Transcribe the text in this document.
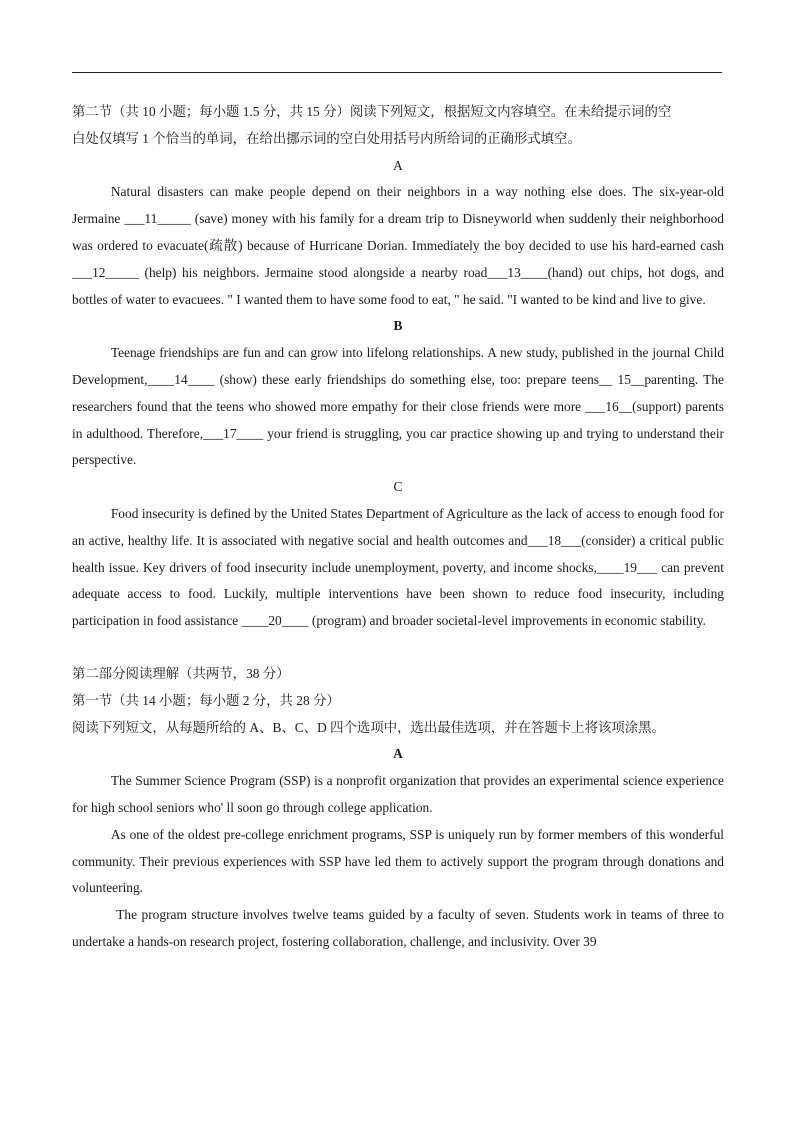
第二节（共 10 小题；每小题 1.5 分，共 15 分）阅读下列短文，根据短文内容填空。在未给提示词的空

白处仅填写 1 个恰当的单词，在给出挪示词的空白处用括号内所给词的正确形式填空。

A

Natural disasters can make people depend on their neighbors in a way nothing else does. The six-year-old Jermaine ___11_____ (save) money with his family for a dream trip to Disneyworld when suddenly their neighborhood was ordered to evacuate(疏散) because of Hurricane Dorian. Immediately the boy decided to use his hard-earned cash ___12_____ (help) his neighbors. Jermaine stood alongside a nearby road___13____(hand) out chips, hot dogs, and bottles of water to evacuees. " I wanted them to have some food to eat, " he said. "I wanted to be kind and live to give.

B

Teenage friendships are fun and can grow into lifelong relationships. A new study, published in the journal Child Development,____14____ (show) these early friendships do something else, too: prepare teens__ 15__parenting. The researchers found that the teens who showed more empathy for their close friends were more ___16__(support) parents in adulthood. Therefore,___17____ your friend is struggling, you car practice showing up and trying to understand their perspective.

C

Food insecurity is defined by the United States Department of Agriculture as the lack of access to enough food for an active, healthy life. It is associated with negative social and health outcomes and___18___(consider) a critical public health issue. Key drivers of food insecurity include unemployment, poverty, and income shocks,____19___ can prevent adequate access to food. Luckily, multiple interventions have been shown to reduce food insecurity, including participation in food assistance ____20____ (program) and broader societal-level improvements in economic stability.

第二部分阅读理解（共两节，38 分）

第一节（共 14 小题；每小题 2 分，共 28 分）

阅读下列短文，从每题所给的 A、B、C、D 四个选项中，选出最佳选项，并在答题卡上将该项涂黑。

A

The Summer Science Program (SSP) is a nonprofit organization that provides an experimental science experience for high school seniors who' ll soon go through college application.

As one of the oldest pre-college enrichment programs, SSP is uniquely run by former members of this wonderful community. Their previous experiences with SSP have led them to actively support the program through donations and volunteering.

The program structure involves twelve teams guided by a faculty of seven. Students work in teams of three to undertake a hands-on research project, fostering collaboration, challenge, and inclusivity. Over 39
